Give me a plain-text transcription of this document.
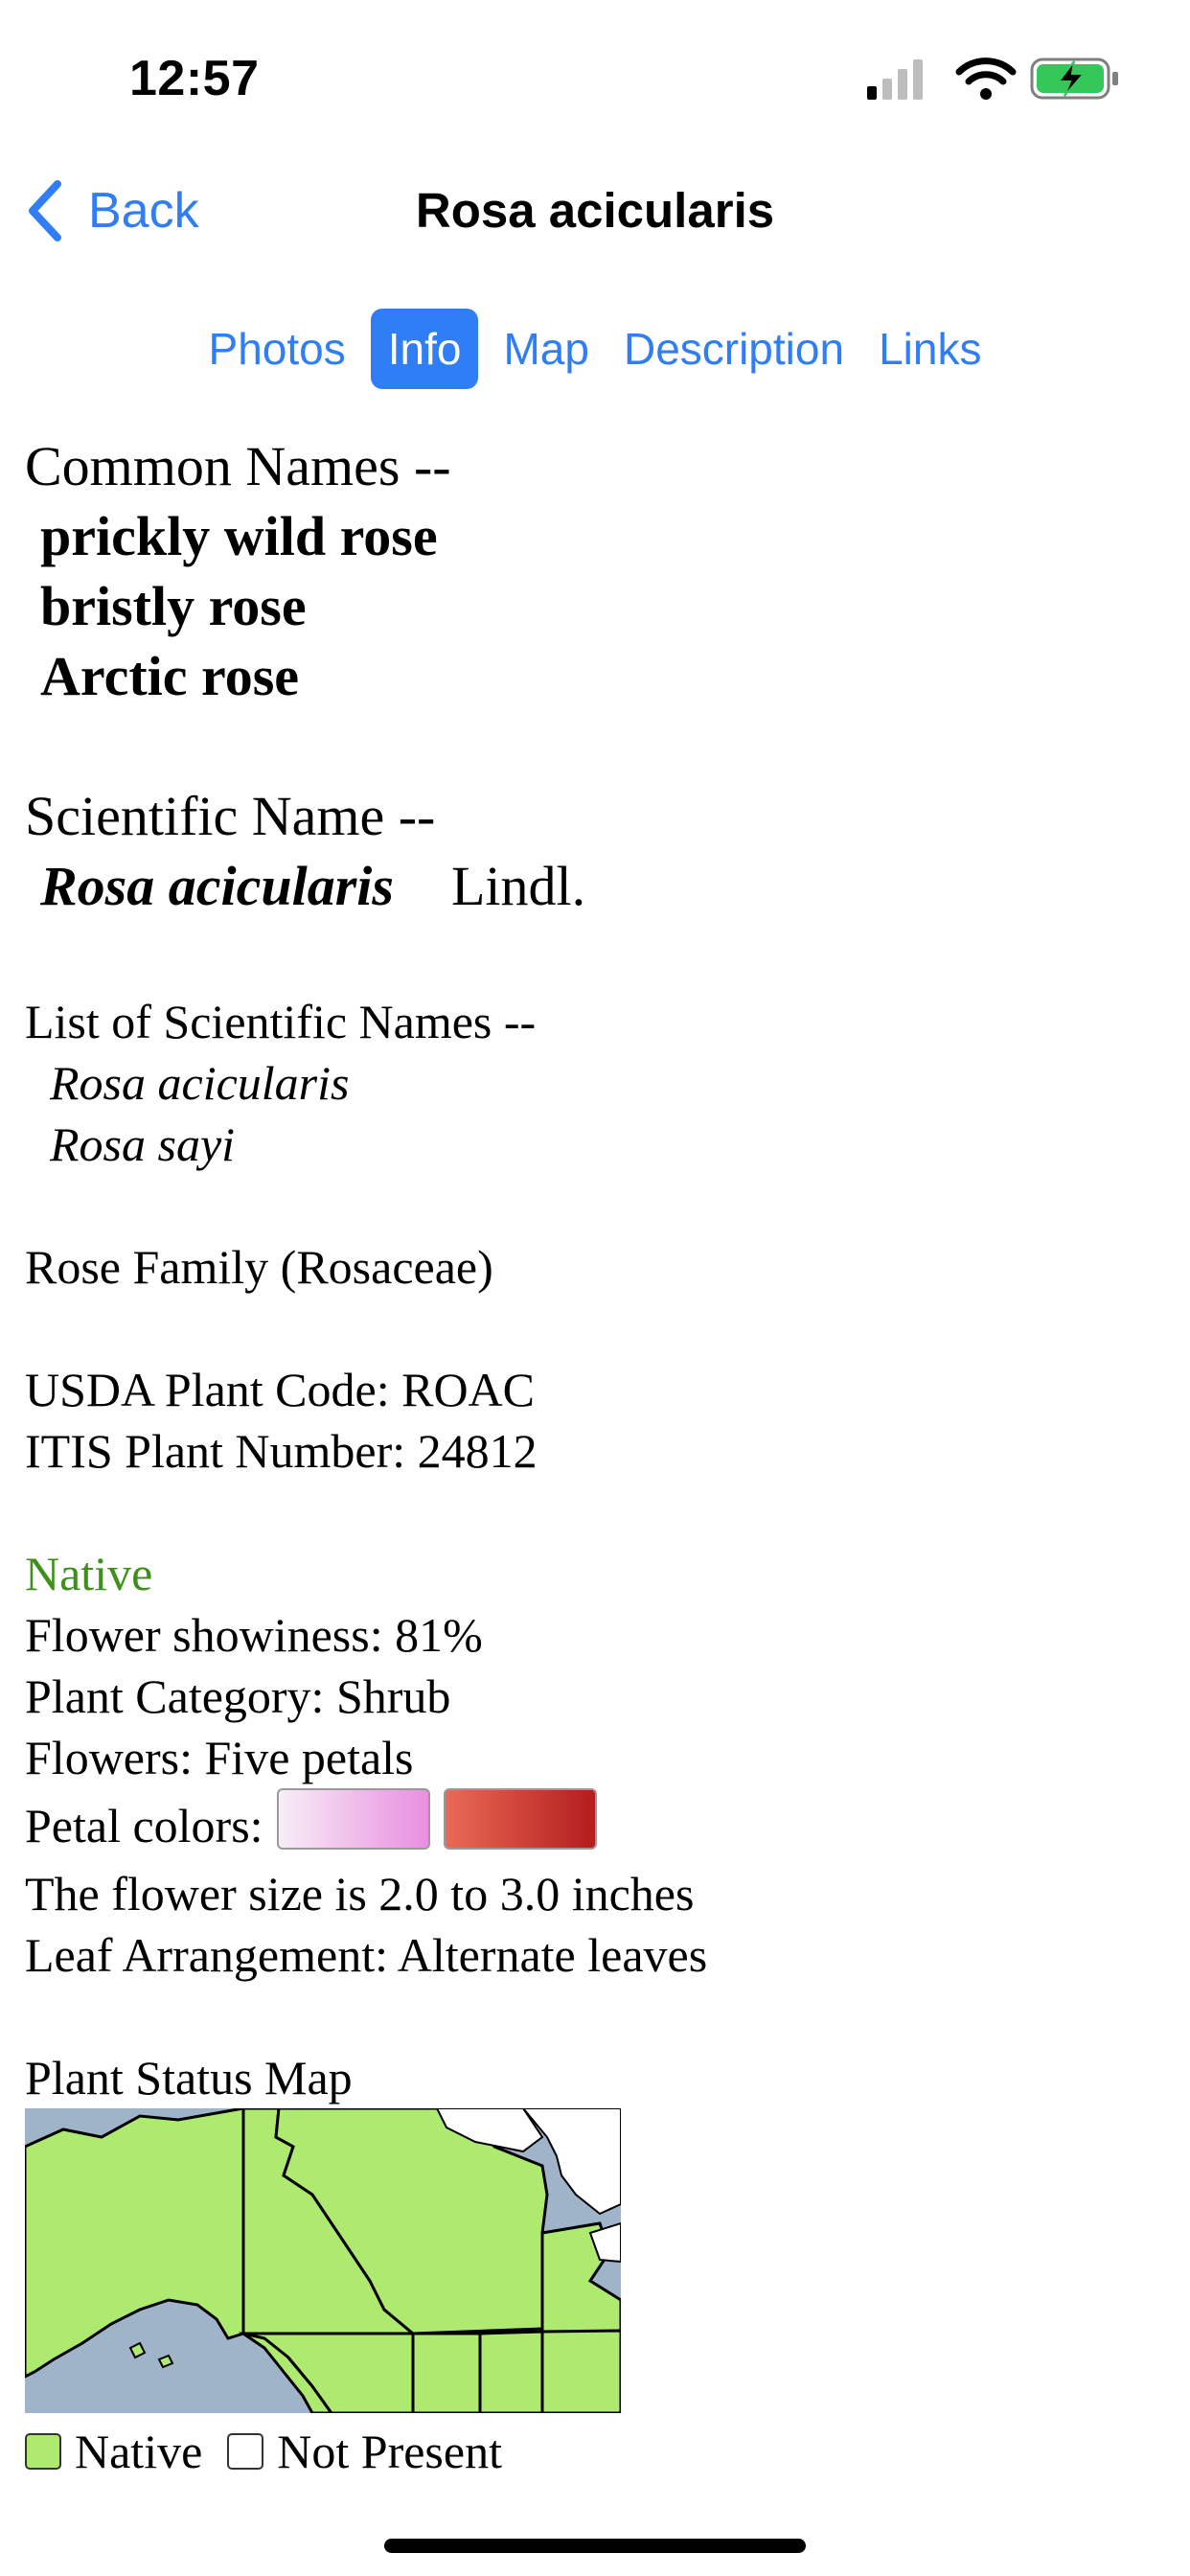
12:57
Back	Rosa acicularis
Photos Info Map Description Links
Common Names --
prickly wild rose
bristly rose
Arctic rose
Scientific Name --
Rosa acicularis Lindl.
List of Scientific Names --
Rosa acicularis
Rosa sayi
Rose Family (Rosaceae)
USDA Plant Code: ROAC
ITIS Plant Number: 24812
Native
Flower showiness: 81%
Plant Category: Shrub
Flowers: Five petals
Petal colors:
The flower size is 2.0 to 3.0 inches
Leaf Arrangement: Alternate leaves
Plant Status Map
Native Not Present
